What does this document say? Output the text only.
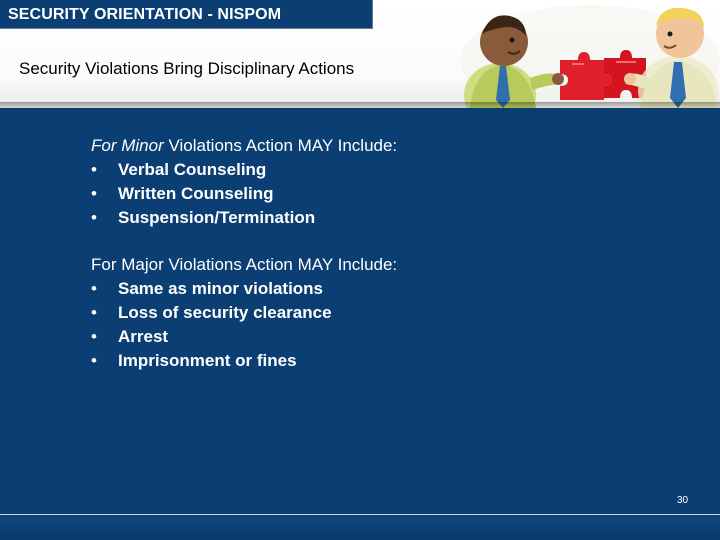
SECURITY ORIENTATION - NISPOM
Security Violations Bring Disciplinary Actions
For Minor Violations Action MAY Include:
• Verbal Counseling
• Written Counseling
• Suspension/Termination
For Major Violations Action MAY Include:
• Same as minor violations
• Loss of security clearance
• Arrest
• Imprisonment or fines
30
